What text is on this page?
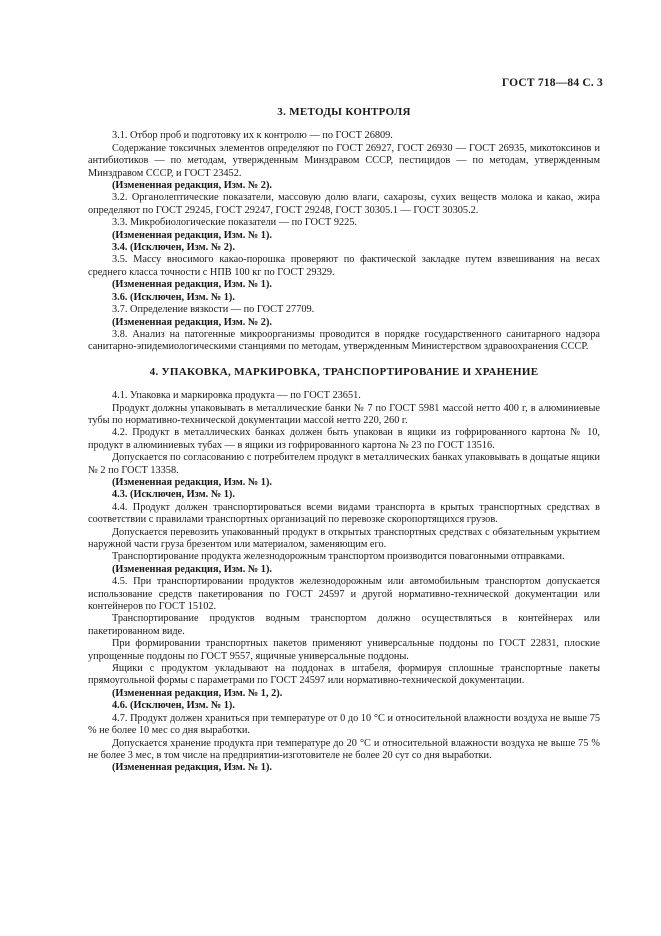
ГОСТ 718—84 С. 3
3. МЕТОДЫ КОНТРОЛЯ

3.1. Отбор проб и подготовку их к контролю — по ГОСТ 26809.

Содержание токсичных элементов определяют по ГОСТ 26927, ГОСТ 26930 — ГОСТ 26935, микотоксинов и антибиотиков — по методам, утвержденным Минздравом СССР, пестицидов — по методам, утвержденным Минздравом СССР, и ГОСТ 23452.

(Измененная редакция, Изм. № 2).

3.2. Органолептические показатели, массовую долю влаги, сахарозы, сухих веществ молока и какао, жира определяют по ГОСТ 29245, ГОСТ 29247, ГОСТ 29248, ГОСТ 30305.1 — ГОСТ 30305.2.

3.3. Микробиологические показатели — по ГОСТ 9225.

(Измененная редакция, Изм. № 1).

3.4. (Исключен, Изм. № 2).

3.5. Массу вносимого какао-порошка проверяют по фактической закладке путем взвешивания на весах среднего класса точности с НПВ 100 кг по ГОСТ 29329.

(Измененная редакция, Изм. № 1).

3.6. (Исключен, Изм. № 1).

3.7. Определение вязкости — по ГОСТ 27709.

(Измененная редакция, Изм. № 2).

3.8. Анализ на патогенные микроорганизмы проводится в порядке государственного санитарного надзора санитарно-эпидемиологическими станциями по методам, утвержденным Министерством здравоохранения СССР.

4. УПАКОВКА, МАРКИРОВКА, ТРАНСПОРТИРОВАНИЕ И ХРАНЕНИЕ

4.1. Упаковка и маркировка продукта — по ГОСТ 23651.

Продукт должны упаковывать в металлические банки № 7 по ГОСТ 5981 массой нетто 400 г, в алюминиевые тубы по нормативно-технической документации массой нетто 220, 260 г.

4.2. Продукт в металлических банках должен быть упакован в ящики из гофрированного картона № 10, продукт в алюминиевых тубах — в ящики из гофрированного картона № 23 по ГОСТ 13516.

Допускается по согласованию с потребителем продукт в металлических банках упаковывать в дощатые ящики № 2 по ГОСТ 13358.

(Измененная редакция, Изм. № 1).

4.3. (Исключен, Изм. № 1).

4.4. Продукт должен транспортироваться всеми видами транспорта в крытых транспортных средствах в соответствии с правилами транспортных организаций по перевозке скоропортящихся грузов.

Допускается перевозить упакованный продукт в открытых транспортных средствах с обязательным укрытием наружной части груза брезентом или материалом, заменяющим его.

Транспортирование продукта железнодорожным транспортом производится повагонными отправками.

(Измененная редакция, Изм. № 1).

4.5. При транспортировании продуктов железнодорожным или автомобильным транспортом допускается использование средств пакетирования по ГОСТ 24597 и другой нормативно-технической документации или контейнеров по ГОСТ 15102.

Транспортирование продуктов водным транспортом должно осуществляться в контейнерах или пакетированном виде.

При формировании транспортных пакетов применяют универсальные поддоны по ГОСТ 22831, плоские упрощенные поддоны по ГОСТ 9557, ящичные универсальные поддоны.

Ящики с продуктом укладывают на поддонах в штабеля, формируя сплошные транспортные пакеты прямоугольной формы с параметрами по ГОСТ 24597 или нормативно-технической документации.

(Измененная редакция, Изм. № 1, 2).

4.6. (Исключен, Изм. № 1).

4.7. Продукт должен храниться при температуре от 0 до 10 °С и относительной влажности воздуха не выше 75 % не более 10 мес со дня выработки.

Допускается хранение продукта при температуре до 20 °С и относительной влажности воздуха не выше 75 % не более 3 мес, в том числе на предприятии-изготовителе не более 20 сут со дня выработки.

(Измененная редакция, Изм. № 1).
